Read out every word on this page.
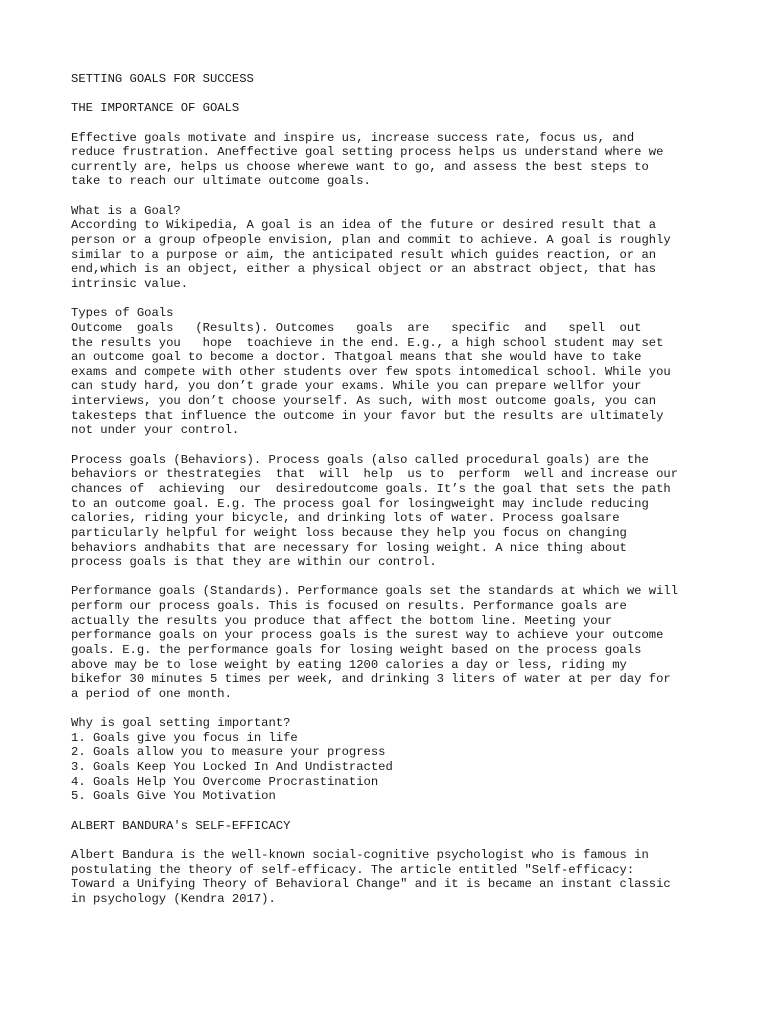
SETTING GOALS FOR SUCCESS
THE IMPORTANCE OF GOALS
Effective goals motivate and inspire us, increase success rate, focus us, and
reduce frustration. Aneffective goal setting process helps us understand where we
currently are, helps us choose wherewe want to go, and assess the best steps to
take to reach our ultimate outcome goals.
What is a Goal?
According to Wikipedia, A goal is an idea of the future or desired result that a
person or a group ofpeople envision, plan and commit to achieve. A goal is roughly
similar to a purpose or aim, the anticipated result which guides reaction, or an
end,which is an object, either a physical object or an abstract object, that has
intrinsic value.
Types of Goals
Outcome  goals   (Results). Outcomes   goals  are   specific  and   spell  out
the results you   hope  toachieve in the end. E.g., a high school student may set
an outcome goal to become a doctor. Thatgoal means that she would have to take
exams and compete with other students over few spots intomedical school. While you
can study hard, you don’t grade your exams. While you can prepare wellfor your
interviews, you don’t choose yourself. As such, with most outcome goals, you can
takesteps that influence the outcome in your favor but the results are ultimately
not under your control.
Process goals (Behaviors). Process goals (also called procedural goals) are the
behaviors or thestrategies  that  will  help  us to  perform  well and increase our
chances of  achieving  our  desiredoutcome goals. It’s the goal that sets the path
to an outcome goal. E.g. The process goal for losingweight may include reducing
calories, riding your bicycle, and drinking lots of water. Process goalsare
particularly helpful for weight loss because they help you focus on changing
behaviors andhabits that are necessary for losing weight. A nice thing about
process goals is that they are within our control.
Performance goals (Standards). Performance goals set the standards at which we will
perform our process goals. This is focused on results. Performance goals are
actually the results you produce that affect the bottom line. Meeting your
performance goals on your process goals is the surest way to achieve your outcome
goals. E.g. the performance goals for losing weight based on the process goals
above may be to lose weight by eating 1200 calories a day or less, riding my
bikefor 30 minutes 5 times per week, and drinking 3 liters of water at per day for
a period of one month.
Why is goal setting important?
1. Goals give you focus in life
2. Goals allow you to measure your progress
3. Goals Keep You Locked In And Undistracted
4. Goals Help You Overcome Procrastination
5. Goals Give You Motivation
ALBERT BANDURA's SELF-EFFICACY
Albert Bandura is the well-known social-cognitive psychologist who is famous in
postulating the theory of self-efficacy. The article entitled "Self-efficacy:
Toward a Unifying Theory of Behavioral Change" and it is became an instant classic
in psychology (Kendra 2017).
